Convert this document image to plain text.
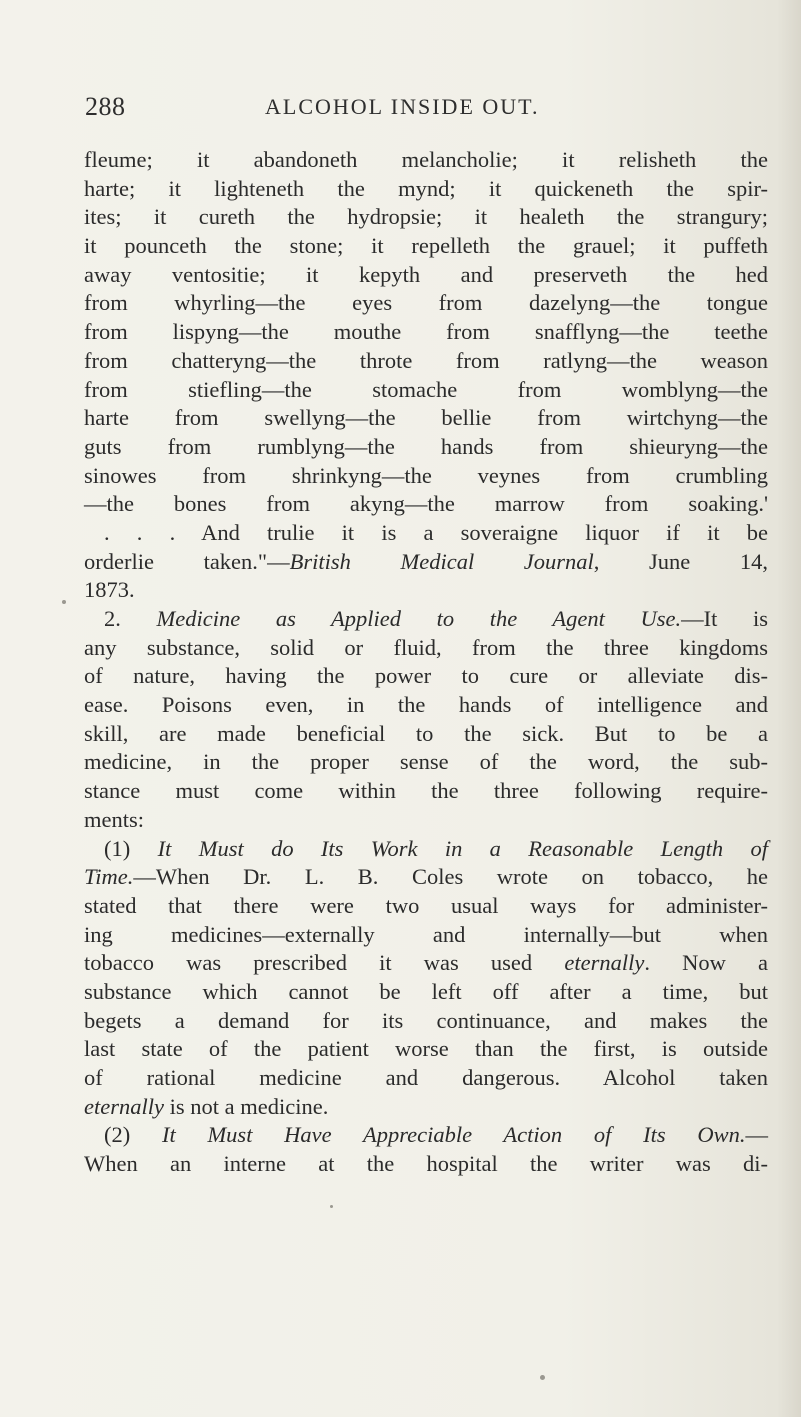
288	ALCOHOL INSIDE OUT.
fleume; it abandoneth melancholie; it relisheth the
harte; it lighteneth the mynd; it quickeneth the spir-
ites; it cureth the hydropsie; it healeth the strangury;
it pounceth the stone; it repelleth the grauel; it puffeth
away ventositie; it kepyth and preserveth the hed
from whyrling—the eyes from dazelyng—the tongue
from lispyng—the mouthe from snafflyng—the teethe
from chatteryng—the throte from ratlyng—the weason
from stiefling—the stomache from womblyng—the
harte from swellyng—the bellie from wirtchyng—the
guts from rumblyng—the hands from shieuryng—the
sinowes from shrinkyng—the veynes from crumbling
—the bones from akyng—the marrow from soaking.'
. . . And trulie it is a soveraigne liquor if it be
orderlie taken."—British Medical Journal, June 14,
1873.
2. Medicine as Applied to the Agent Use.—It is
any substance, solid or fluid, from the three kingdoms
of nature, having the power to cure or alleviate dis-
ease. Poisons even, in the hands of intelligence and
skill, are made beneficial to the sick. But to be a
medicine, in the proper sense of the word, the sub-
stance must come within the three following require-
ments:
(1) It Must do Its Work in a Reasonable Length of
Time.—When Dr. L. B. Coles wrote on tobacco, he
stated that there were two usual ways for administer-
ing medicines—externally and internally—but when
tobacco was prescribed it was used eternally. Now a
substance which cannot be left off after a time, but
begets a demand for its continuance, and makes the
last state of the patient worse than the first, is outside
of rational medicine and dangerous. Alcohol taken
eternally is not a medicine.
(2) It Must Have Appreciable Action of Its Own.—
When an interne at the hospital the writer was di-
